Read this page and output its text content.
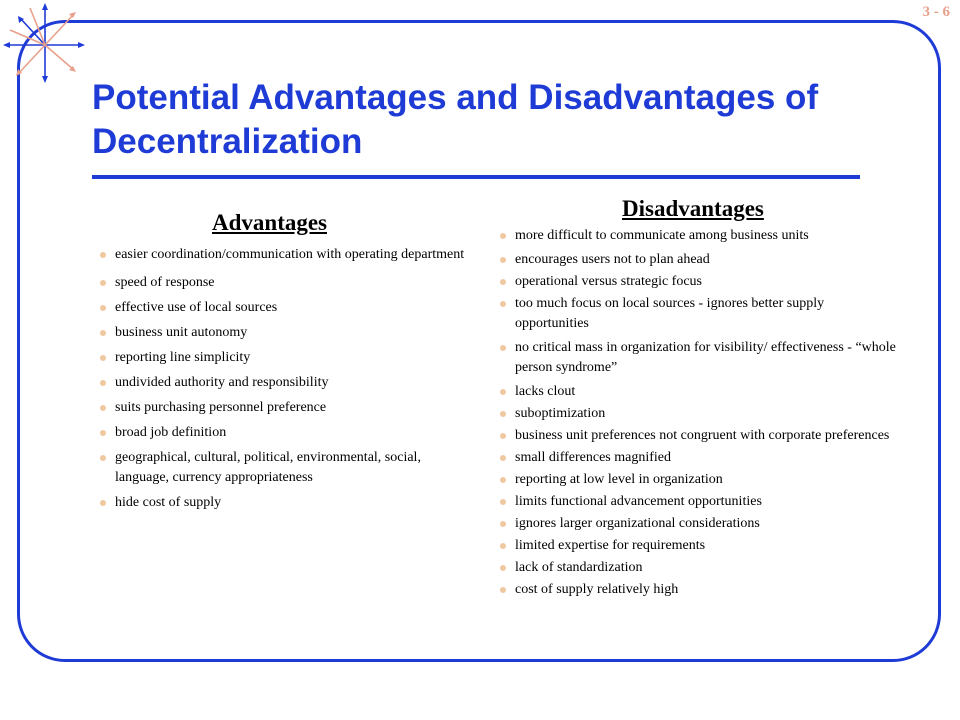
3 - 6
Potential Advantages and Disadvantages of Decentralization
Advantages
easier coordination/communication with operating department
speed of response
effective use of local sources
business unit autonomy
reporting line simplicity
undivided authority and responsibility
suits purchasing personnel preference
broad job definition
geographical, cultural, political, environmental, social, language, currency appropriateness
hide cost of supply
Disadvantages
more difficult to communicate among business units
encourages users not to plan ahead
operational versus strategic focus
too much focus on local sources - ignores better supply opportunities
no critical mass in organization for visibility/ effectiveness - “whole person syndrome”
lacks clout
suboptimization
business unit preferences not congruent with corporate preferences
small differences magnified
reporting at low level in organization
limits functional advancement opportunities
ignores larger organizational considerations
limited expertise for requirements
lack of standardization
cost of supply relatively high
